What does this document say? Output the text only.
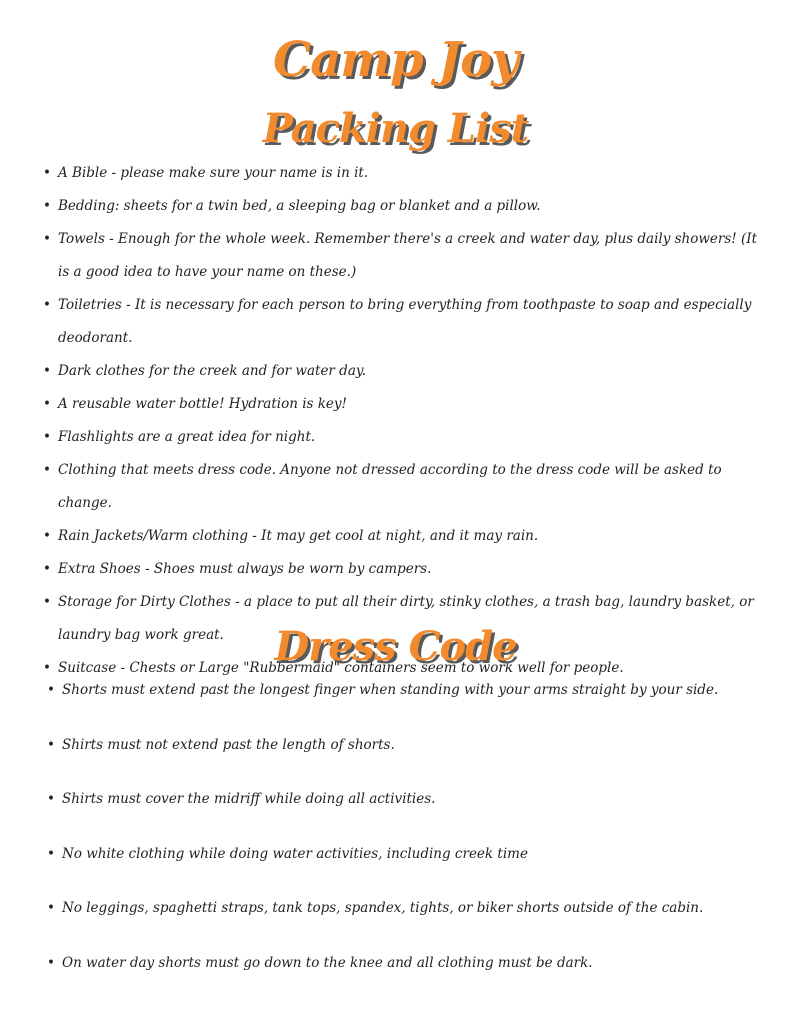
Camp Joy
Packing List
• A Bible - please make sure your name is in it.
• Bedding: sheets for a twin bed, a sleeping bag or blanket and a pillow.
• Towels - Enough for the whole week. Remember there's a creek and water day, plus daily showers! (It is a good idea to have your name on these.)
• Toiletries - It is necessary for each person to bring everything from toothpaste to soap and especially deodorant.
• Dark clothes for the creek and for water day.
• A reusable water bottle! Hydration is key!
• Flashlights are a great idea for night.
• Clothing that meets dress code. Anyone not dressed according to the dress code will be asked to change.
• Rain Jackets/Warm clothing - It may get cool at night, and it may rain.
• Extra Shoes - Shoes must always be worn by campers.
• Storage for Dirty Clothes - a place to put all their dirty, stinky clothes, a trash bag, laundry basket, or laundry bag work great.
• Suitcase - Chests or Large "Rubbermaid" containers seem to work well for people.
Dress Code
• Shorts must extend past the longest finger when standing with your arms straight by your side.
• Shirts must not extend past the length of shorts.
• Shirts must cover the midriff while doing all activities.
• No white clothing while doing water activities, including creek time
• No leggings, spaghetti straps, tank tops, spandex, tights, or biker shorts outside of the cabin.
• On water day shorts must go down to the knee and all clothing must be dark.
